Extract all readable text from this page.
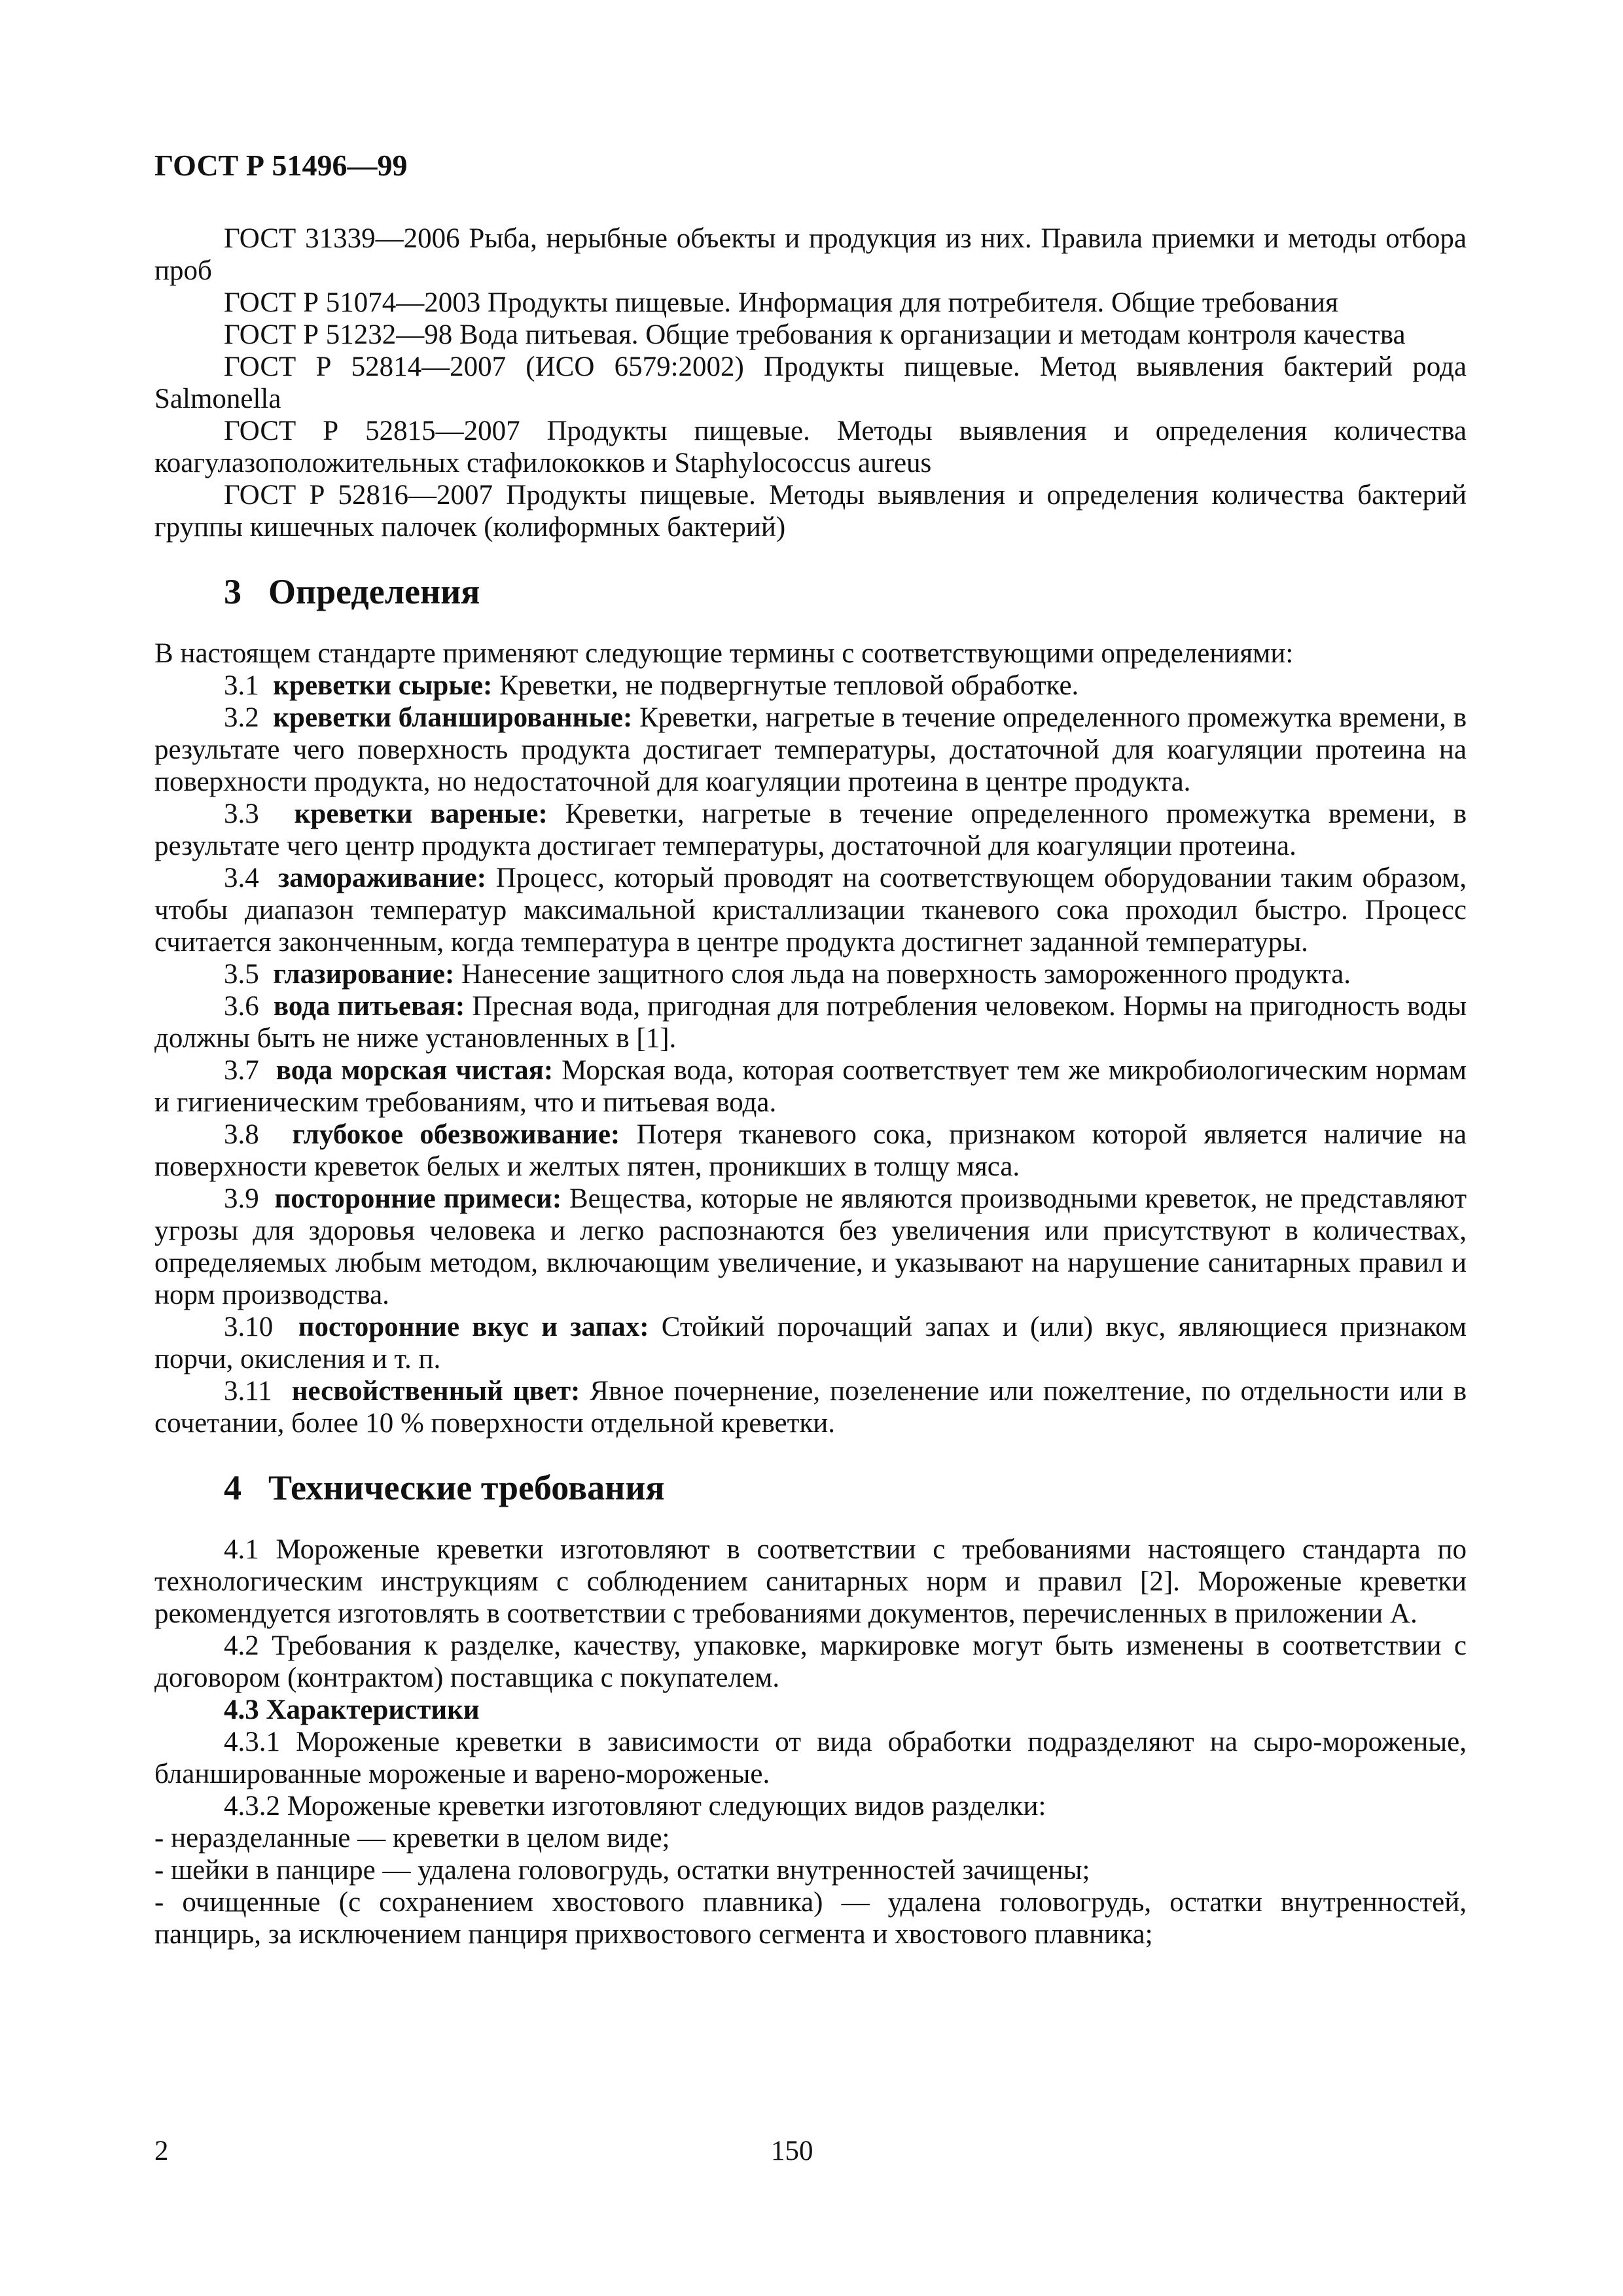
ГОСТ Р 51496—99

ГОСТ 31339—2006 Рыба, нерыбные объекты и продукция из них. Правила приемки и методы отбора проб

ГОСТ Р 51074—2003 Продукты пищевые. Информация для потребителя. Общие требования

ГОСТ Р 51232—98 Вода питьевая. Общие требования к организации и методам контроля качества

ГОСТ Р 52814—2007 (ИСО 6579:2002) Продукты пищевые. Метод выявления бактерий рода Salmonella

ГОСТ Р 52815—2007 Продукты пищевые. Методы выявления и определения количества коагулазоположительных стафилококков и Staphylococcus aureus

ГОСТ Р 52816—2007 Продукты пищевые. Методы выявления и определения количества бактерий группы кишечных палочек (колиформных бактерий)

3 Определения

В настоящем стандарте применяют следующие термины с соответствующими определениями:

3.1 креветки сырые: Креветки, не подвергнутые тепловой обработке.

3.2 креветки бланшированные: Креветки, нагретые в течение определенного промежутка времени, в результате чего поверхность продукта достигает температуры, достаточной для коагуляции протеина на поверхности продукта, но недостаточной для коагуляции протеина в центре продукта.

3.3 креветки вареные: Креветки, нагретые в течение определенного промежутка времени, в результате чего центр продукта достигает температуры, достаточной для коагуляции протеина.

3.4 замораживание: Процесс, который проводят на соответствующем оборудовании таким образом, чтобы диапазон температур максимальной кристаллизации тканевого сока проходил быстро. Процесс считается законченным, когда температура в центре продукта достигнет заданной температуры.

3.5 глазирование: Нанесение защитного слоя льда на поверхность замороженного продукта.

3.6 вода питьевая: Пресная вода, пригодная для потребления человеком. Нормы на пригодность воды должны быть не ниже установленных в [1].

3.7 вода морская чистая: Морская вода, которая соответствует тем же микробиологическим нормам и гигиеническим требованиям, что и питьевая вода.

3.8 глубокое обезвоживание: Потеря тканевого сока, признаком которой является наличие на поверхности креветок белых и желтых пятен, проникших в толщу мяса.

3.9 посторонние примеси: Вещества, которые не являются производными креветок, не представляют угрозы для здоровья человека и легко распознаются без увеличения или присутствуют в количествах, определяемых любым методом, включающим увеличение, и указывают на нарушение санитарных правил и норм производства.

3.10 посторонние вкус и запах: Стойкий порочащий запах и (или) вкус, являющиеся признаком порчи, окисления и т. п.

3.11 несвойственный цвет: Явное почернение, позеленение или пожелтение, по отдельности или в сочетании, более 10 % поверхности отдельной креветки.

4 Технические требования

4.1 Мороженые креветки изготовляют в соответствии с требованиями настоящего стандарта по технологическим инструкциям с соблюдением санитарных норм и правил [2]. Мороженые креветки рекомендуется изготовлять в соответствии с требованиями документов, перечисленных в приложении А.

4.2 Требования к разделке, качеству, упаковке, маркировке могут быть изменены в соответствии с договором (контрактом) поставщика с покупателем.

4.3 Характеристики

4.3.1 Мороженые креветки в зависимости от вида обработки подразделяют на сыро-мороженые, бланшированные мороженые и варено-мороженые.

4.3.2 Мороженые креветки изготовляют следующих видов разделки:

- неразделанные — креветки в целом виде;

- шейки в панцире — удалена головогрудь, остатки внутренностей зачищены;

- очищенные (с сохранением хвостового плавника) — удалена головогрудь, остатки внутренностей, панцирь, за исключением панциря прихвостового сегмента и хвостового плавника;

2	150
